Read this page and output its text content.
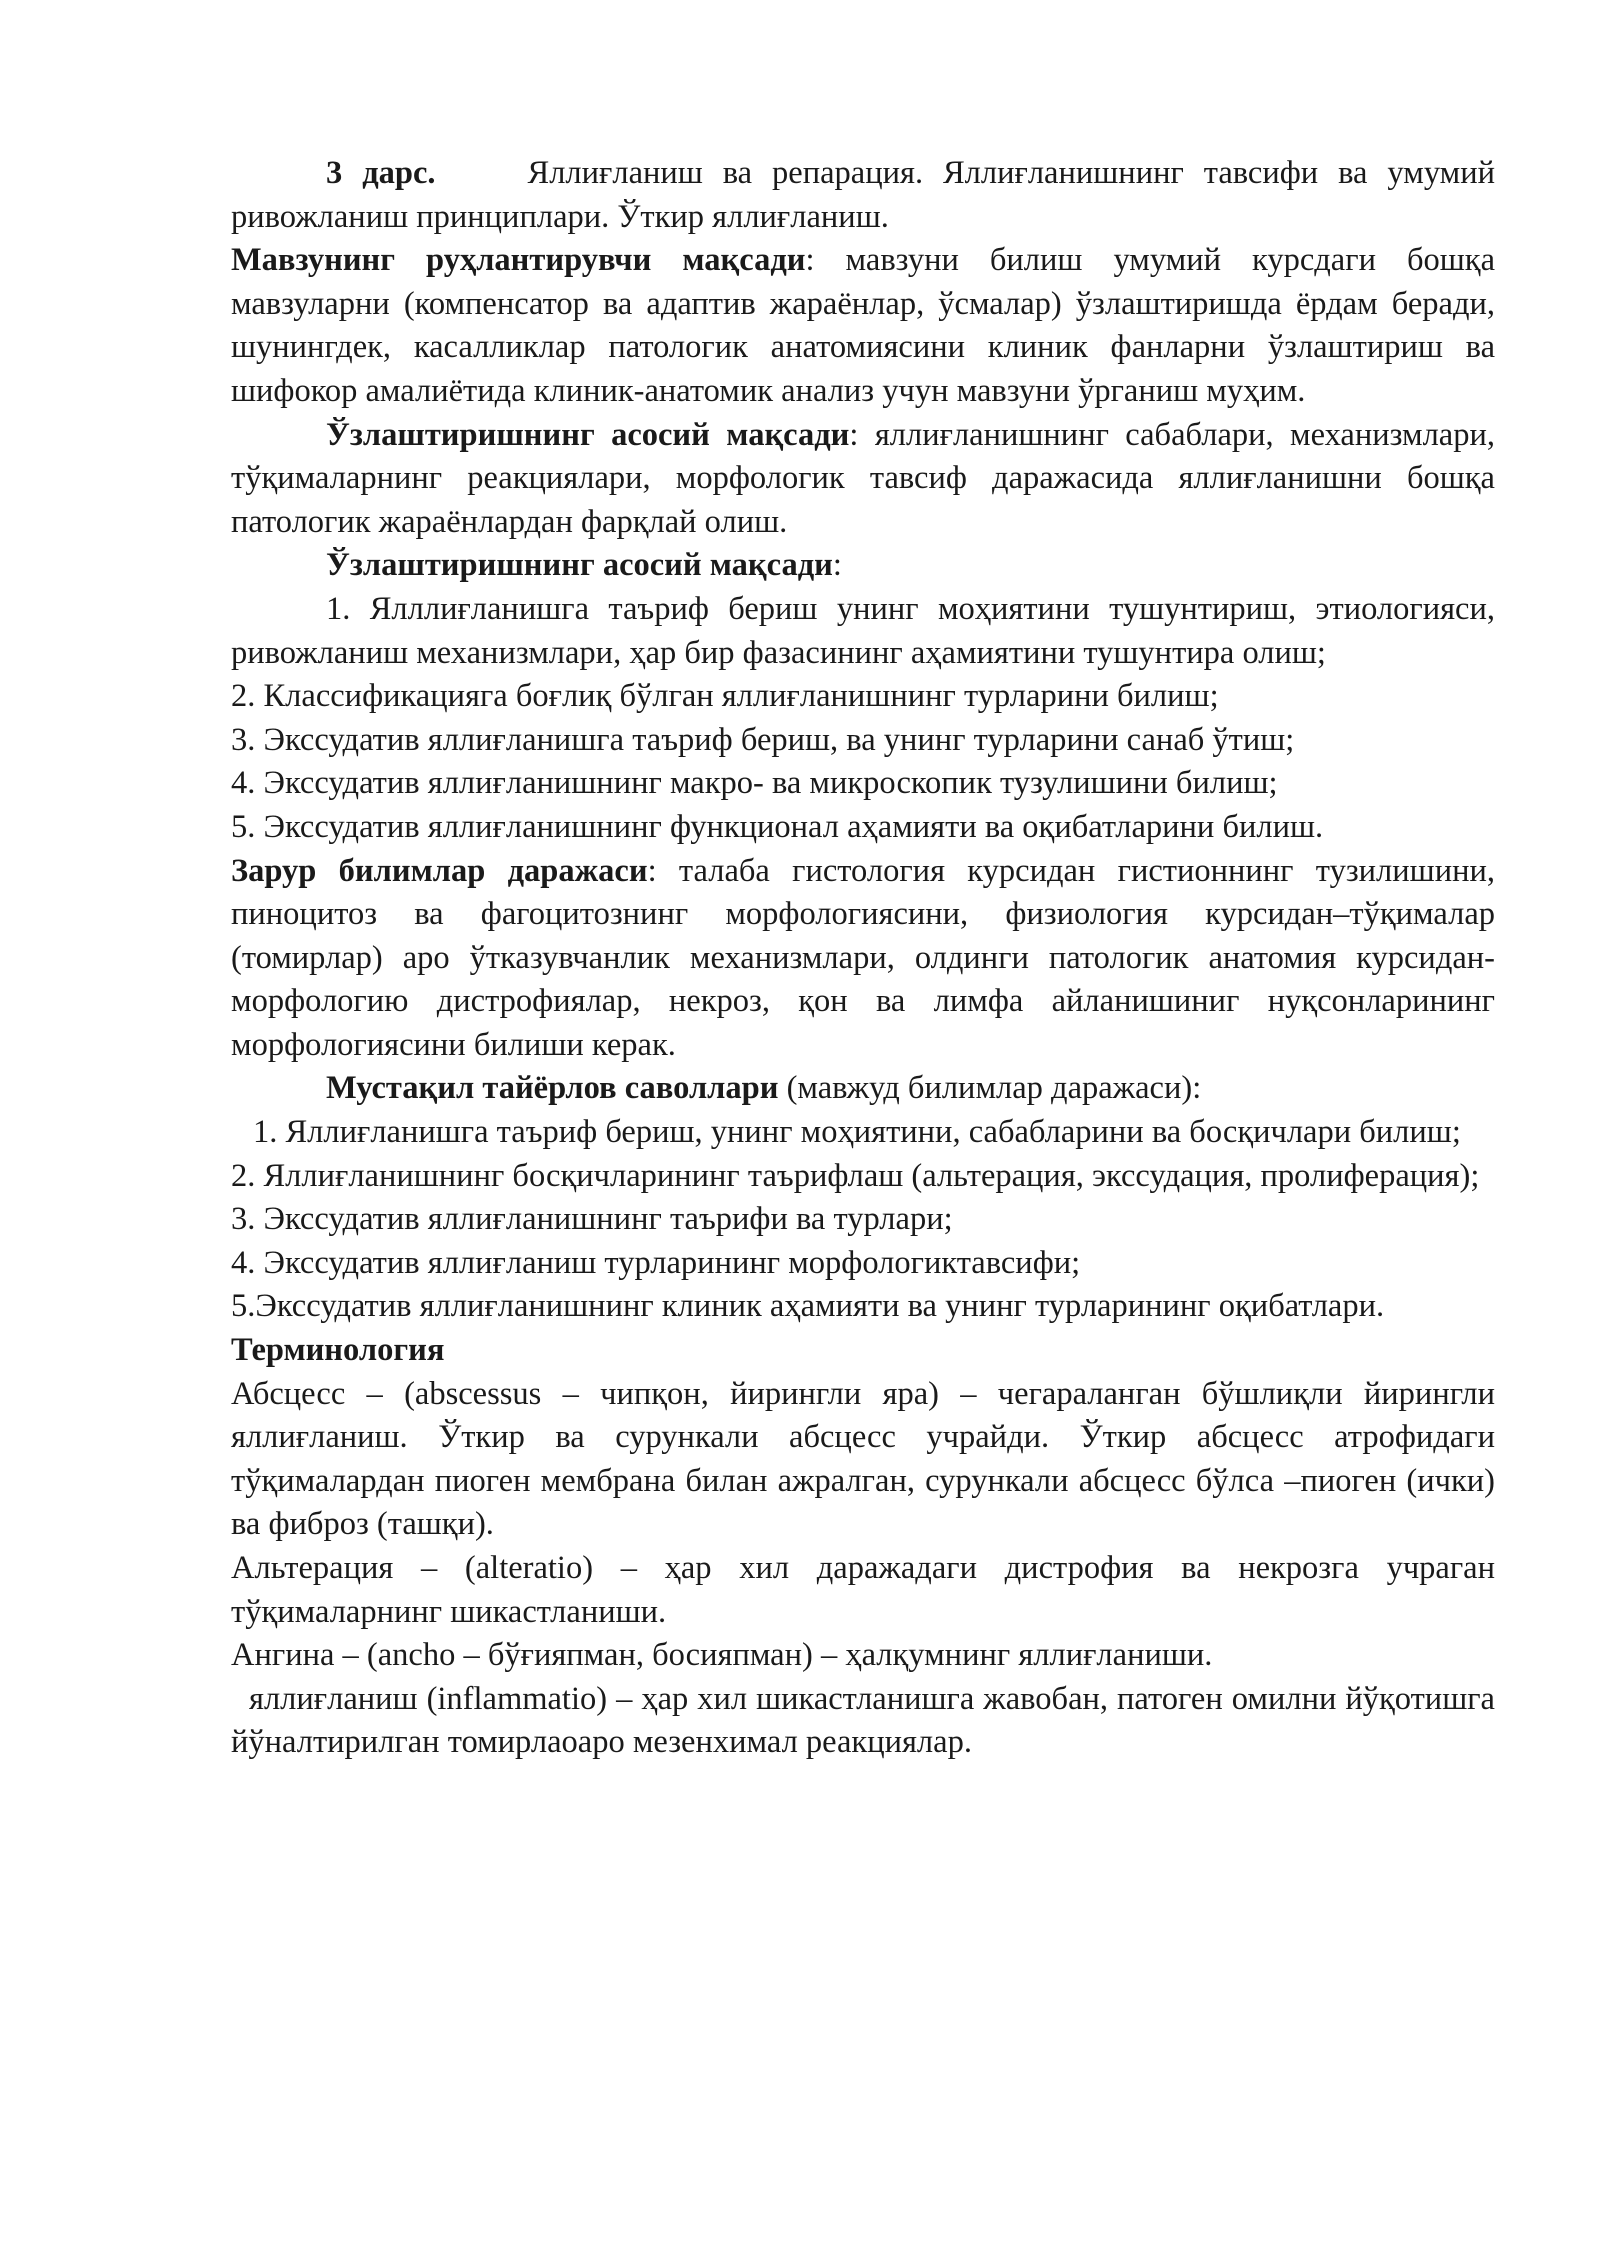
3 дарс.	Яллиғланиш ва репарация. Яллиғланишнинг тавсифи ва умумий ривожланиш принциплари. Ўткир яллиғланиш.

Мавзунинг руҳлантирувчи мақсади: мавзуни билиш умумий курсдаги бошқа мавзуларни (компенсатор ва адаптив жараёнлар, ўсмалар) ўзлаштиришда ёрдам беради, шунингдек, касалликлар патологик анатомиясини клиник фанларни ўзлаштириш ва шифокор амалиётида клиник-анатомик анализ учун мавзуни ўрганиш муҳим.

Ўзлаштиришнинг асосий мақсади: яллиғланишнинг сабаблари, механизмлари, тўқималарнинг реакциялари, морфологик тавсиф даражасида яллиғланишни бошқа патологик жараёнлардан фарқлай олиш.

Ўзлаштиришнинг асосий мақсади:

1. Ялллиғланишга таъриф бериш унинг моҳиятини тушунтириш, этиологияси, ривожланиш механизмлари, ҳар бир фазасининг аҳамиятини тушунтира олиш;

2. Классификацияга боғлиқ бўлган яллиғланишнинг турларини билиш;

3. Экссудатив яллиғланишга таъриф бериш, ва унинг турларини санаб ўтиш;

4. Экссудатив яллиғланишнинг макро- ва микроскопик тузулишини билиш;

5. Экссудатив яллиғланишнинг функционал аҳамияти ва оқибатларини билиш.

Зарур билимлар даражаси: талаба гистология курсидан гистионнинг тузилишини, пиноцитоз ва фагоцитознинг морфологиясини, физиология курсидан–тўқималар (томирлар) аро ўтказувчанлик механизмлари, олдинги патологик анатомия курсидан-морфологию дистрофиялар, некроз, қон ва лимфа айланишиниг нуқсонларининг морфологиясини билиши керак.

Мустақил тайёрлов саволлари (мавжуд билимлар даражаси):

1. Яллиғланишга таъриф бериш, унинг моҳиятини, сабабларини ва босқичлари билиш;

2. Яллиғланишнинг босқичларининг таърифлаш (альтерация, экссудация, пролиферация);

3. Экссудатив яллиғланишнинг таърифи ва турлари;

4. Экссудатив яллиғланиш турларининг морфологиктавсифи;

5.Экссудатив яллиғланишнинг клиник аҳамияти ва унинг турларининг оқибатлари.

Терминология

Абсцесс – (abscessus – чипқон, йирингли яра) – чегараланган бўшлиқли йирингли яллиғланиш. Ўткир ва сурункали абсцесс учрайди. Ўткир абсцесс атрофидаги тўқималардан пиоген мембрана билан ажралган, сурункали абсцесс бўлса –пиоген (ички) ва фиброз (ташқи).

Альтерация – (alteratio) – ҳар хил даражадаги дистрофия ва некрозга учраган тўқималарнинг шикастланиши.

Ангина – (ancho – бўғияпман, босияпман) – ҳалқумнинг яллиғланиши.

яллиғланиш (inflammatio) – ҳар хил шикастланишга жавобан, патоген омилни йўқотишга йўналтирилган томирлаоаро мезенхимал реакциялар.
